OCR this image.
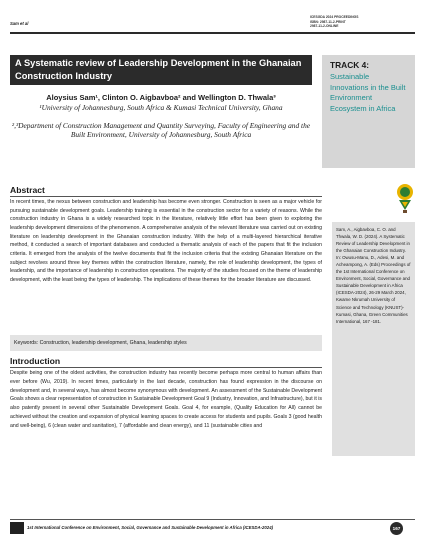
Sam et al
ICESGDA 2024 PROCEEDINGS
ISBN: 2987-11-2-PRINT
2987-11-2-ONLINE
A Systematic review of Leadership Development in the Ghanaian Construction Industry
TRACK 4:
Sustainable Innovations in the Built Environment Ecosystem in Africa
Aloysius Sam¹, Clinton O. Aigbavboa² and Wellington D. Thwala³
¹University of Johannesburg, South Africa & Kumasi Technical University, Ghana
²,³Department of Construction Management and Quantity Surveying, Faculty of Engineering and the Built Environment, University of Johannesburg, South Africa
Sam, A., Aigbavboa, C. O. and Thwala, W. D. (2024). A Systematic Review of Leadership Development in the Ghanaian Construction Industry. In: Owusu-Manu, D., Adesi, M. and Acheampong, A. (Eds) Proceedings of the 1st International Conference on Environment, Social, Governance and Sustainable Development in Africa (ICESDA-2024), 26-29 March 2024, Kwame Nkrumah University of Science and Technology (KNUST)-Kumasi, Ghana, Green Communities International, 167 -181.
Abstract
In recent times, the nexus between construction and leadership has become even stronger. Construction is seen as a major vehicle for pursuing sustainable development goals. Leadership training is essential in the construction sector for a variety of reasons. While the construction industry in Ghana is a widely researched topic in the literature, relatively little effort has been given to exploring the leadership development dimensions of the phenomenon. A comprehensive analysis of the relevant literature was carried out on existing literature on leadership development in the Ghanaian construction industry. With the help of a multi-layered hierarchical iterative method, it conducted a search of important databases and conducted a thematic analysis of each of the papers that fit the inclusion criteria. It emerged from the analysis of the twelve documents that fit the inclusion criteria that the existing Ghanaian literature on the subject revolves around three key themes within the construction literature, namely, the role of leadership development, the types of leadership, and the importance of leadership in construction operations. The majority of the studies focused on the theme of leadership development, with the least being the types of leadership. The implications of these themes for the broader literature are discussed.
Keywords: Construction, leadership development, Ghana, leadership styles
Introduction
Despite being one of the oldest activities, the construction industry has recently become perhaps more central to human affairs than ever before (Wu, 2019). In recent times, particularly in the last decade, construction has found expression in the discourse on development and, in several ways, has almost become synonymous with development. An assessment of the Sustainable Development Goals shows a clear representation of construction in Sustainable Development Goal 9 (Industry, Innovation, and Infrastructure), but it is also patently present in several other Sustainable Development Goals. Goal 4, for example, (Quality Education for All) cannot be achieved without the creation and expansion of physical learning spaces to create access for students and pupils. Goals 3 (good health and well-being), 6 (clean water and sanitation), 7 (affordable and clean energy), and 11 (sustainable cities and
1st International Conference on Environment, Social, Governance and Sustainable Development in Africa (ICESDA-2024)	167
